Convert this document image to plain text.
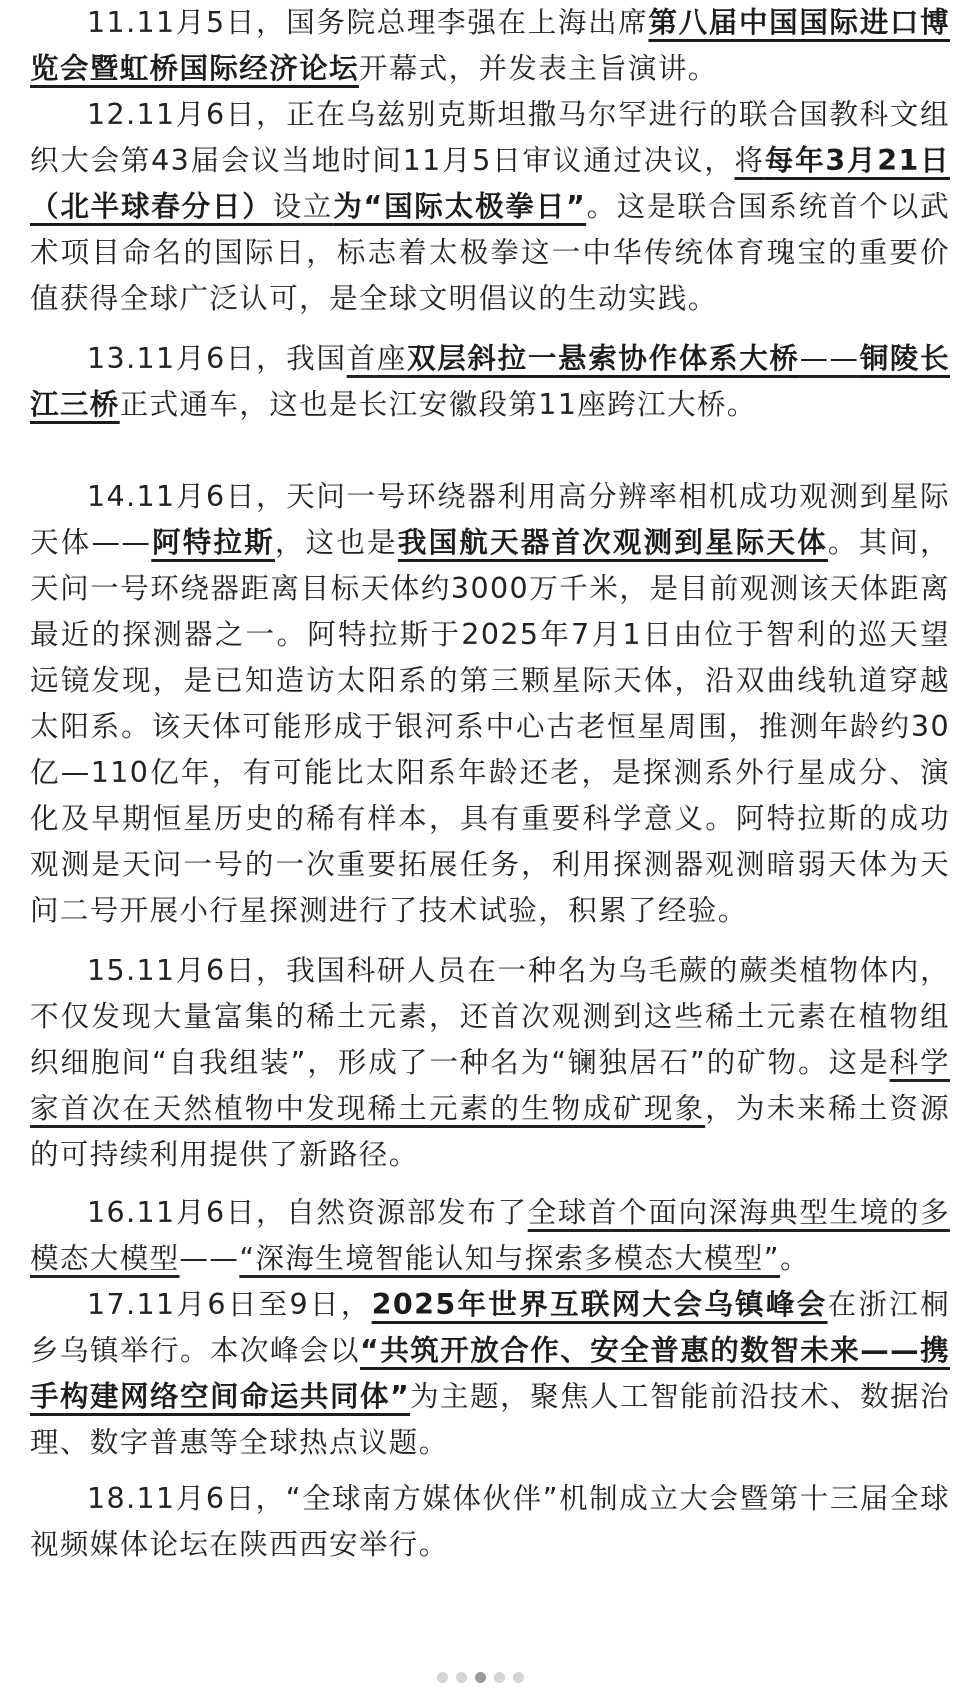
11.11月5日，国务院总理李强在上海出席第八届中国国际进口博览会暨虹桥国际经济论坛开幕式，并发表主旨演讲。

12.11月6日，正在乌兹别克斯坦撒马尔罕进行的联合国教科文组织大会第43届会议当地时间11月5日审议通过决议，将每年3月21日（北半球春分日）设立为“国际太极拳日”。这是联合国系统首个以武术项目命名的国际日，标志着太极拳这一中华传统体育瑰宝的重要价值获得全球广泛认可，是全球文明倡议的生动实践。

13.11月6日，我国首座双层斜拉一悬索协作体系大桥——铜陵长江三桥正式通车，这也是长江安徽段第11座跨江大桥。

14.11月6日，天问一号环绕器利用高分辨率相机成功观测到星际天体——阿特拉斯，这也是我国航天器首次观测到星际天体。其间，天问一号环绕器距离目标天体约3000万千米，是目前观测该天体距离最近的探测器之一。阿特拉斯于2025年7月1日由位于智利的巡天望远镜发现，是已知造访太阳系的第三颗星际天体，沿双曲线轨道穿越太阳系。该天体可能形成于银河系中心古老恒星周围，推测年龄约30亿—110亿年，有可能比太阳系年龄还老，是探测系外行星成分、演化及早期恒星历史的稀有样本，具有重要科学意义。阿特拉斯的成功观测是天问一号的一次重要拓展任务，利用探测器观测暗弱天体为天问二号开展小行星探测进行了技术试验，积累了经验。

15.11月6日，我国科研人员在一种名为乌毛蕨的蕨类植物体内，不仅发现大量富集的稀土元素，还首次观测到这些稀土元素在植物组织细胞间“自我组装”，形成了一种名为“镧独居石”的矿物。这是科学家首次在天然植物中发现稀土元素的生物成矿现象，为未来稀土资源的可持续利用提供了新路径。

16.11月6日，自然资源部发布了全球首个面向深海典型生境的多模态大模型——“深海生境智能认知与探索多模态大模型”。

17.11月6日至9日，2025年世界互联网大会乌镇峰会在浙江桐乡乌镇举行。本次峰会以“共筑开放合作、安全普惠的数智未来——携手构建网络空间命运共同体”为主题，聚焦人工智能前沿技术、数据治理、数字普惠等全球热点议题。

18.11月6日，“全球南方媒体伙伴”机制成立大会暨第十三届全球视频媒体论坛在陕西西安举行。
